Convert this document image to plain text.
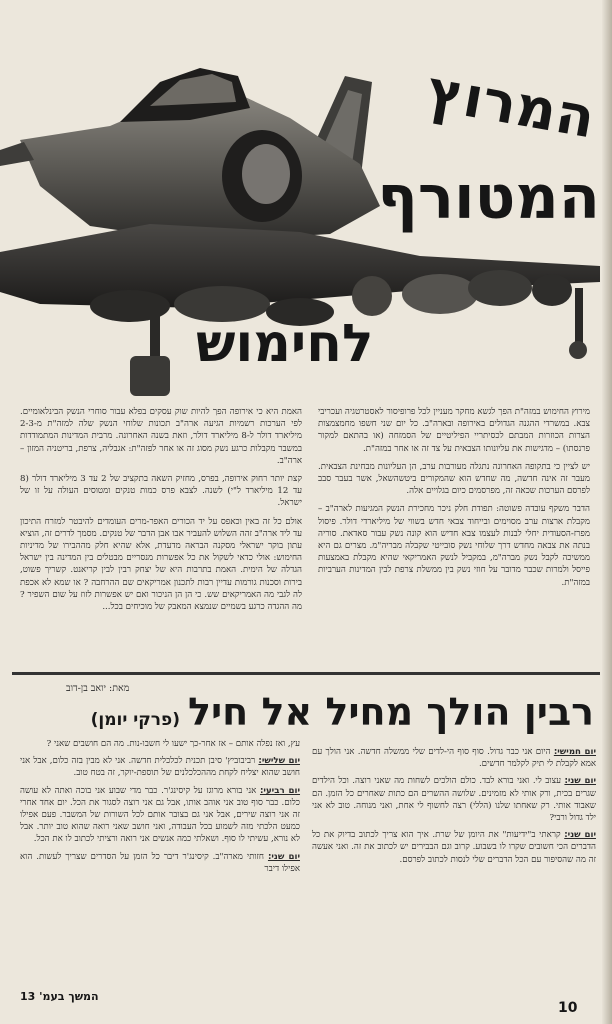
המרוץ
המטורף
לחימוש

מירוץ החימוש במזה"ת הפך לגשא מחקר מעניין לכל פרופיסור לאסטרטגיה ועכריבי צבא. במשרדי ההגנה הגדולים באירופה ובארה"ב. כל יום שני חשפו מחמצמצות הצרות הכוזרות המבתם לכסיתריי הפיליטיים של הסמזחה (או בהתאם למקור פרנסתו) – מדגישות את עליונותו הצבאית על צד זה או אחר במזה"ת.

יש לציין כי בתקופה האחרונה נתגלה מעורבות ערב, הן העליונות מבחינת הצבאית. מעבר זה אינה חדשה, מה שחדש הוא שהמקורים ביטשהשאל, אשר בעבר סבב לפרסם הערכות שכאה זה, מפרסמים כיום בגלויים אלה.

הדבר משקף עובדה פשוטה: תפודת חלק ניכר מחכירת הנשק המגיעות לארה"ב – מקבלת ארצות ערב מסוימים ובייחוד צבאי חדש בשווי של מיליארדי דולר. פיסול מפרז-הסעודית יחלי לבנות לעצמו צבא חדיש הוא קונה נשק עבור סאדאת. סוריה בנתה את צבאה מחדש דרך שלוחי נשק סובייטי שקבלה מבריה"מ. מצרים גם היא ממשיכה לקבל נשק מברה"מ, במקביל לנשק האמריקאי שהיא מקבלת באמצעות פייסל ולמרות שכבר מדובר על חוזי נשק בין ממשלת צרפת לבין המדינות הערביות במזה"ת.

האמת היא כי אירופה הפך להיות שוק עסקים בפלא עבור סוחרי הנשק הבינלאומיים. לפי הערכות רשמיות הגיעה ארה"ב תכונות שלוחי הנשק שלה למזה"ת מ-2-3 מיליארד דולר ל-8 מיליארד דולר, וזאת בשנה האחרונה. מרבית המדינות המתמודדות במשבר מקבלות כרגע נשק מסוג זה או אחר לפזה"ת: אגבליה, צרפת, בריטניה המזון – ארה"ב.

קצת יותר רחוק אירופה, בפרס, מחזיק השאה בתקציב של 2 עד 3 מיליארד דולר (8 עד 12 מיליארד ל"י) לשנה. לצבא פרס כמות טנקים ומטוסים העולה על זו של ישראל.

אולם כל זה באין וכאפס על יד הכורים האפר-מרים העומדים להיבטר למזרח התיכון עד ליד ארה"ב זהה השלוש להעביר אבו אבן הדבר של טנקים. מסמך לדרים זה, הוציא עתון בוקר ישראלי מסקנה הבראה מדעדת, אלא שהיא חלק מההבירו של מדיניות החימוש: אולי כדאי לשקול את כל אפשרות מנסריים מבטלים בין המדינה בין ישראל הגדלה של הימית. האמת בתרבות היא של יצחק רבין לבין קריאנט. קשריך פשוט, בירות וסכנות גורמות עדיין רבות לתכנון אמריקאים שם ההרחבה ? או שמא לא אכפת לה לגבי מה האמריקאים שש. כי הן הן הניכור ואם יש אפשרות לזוז על שום השפיר ? מה ההגדה כרגע בשמיים שנמצא המאבק של מוכיחים בכל...

מאת: יואב בן-דוב
רבין הולך מחיל אל חיל(פרקי יומן)

יום חמישי: היום אני כבר גדול. סוף סוף הי-לדים שלי ממשלה חדשה. אני הולך עם אמא לקבלת לי תיק לקלמר חדשים.

יום שני: עצוב לי. ואני בורא לבד. כולם הולכים לשחות מה שאני רוצה. וכל הילדים שגרים בכית, ורק אותי לא מזמינים. שלושה ההשרים הם כתות שאחרים כל הזמן. הם שאבוד אותי. רק שאחתו שלנו (הללי) רצה לחשוף לי אחת, ואני מנוחה. טוב לא אני ילד גדול ורבי?

יום שני: קראתי ב"ידיעות" את היומן של שרת. איך הוא צריך לכתוב בדיוק את כל הדברים הכי חשובים שקרו לו בשבוע. קרוב וגם הבבירים יש לכתוב את זה. ואני אעשה זה מה שהסיפור עם הכל הדברים שלי לנסות לכתוב לפרסם.

עץ, ואז נפלה אותם – אז אחר-כך ישעו לי חשבו-נות. מה הם חושבים שאני ?

יום שלישי: רביבוביץ' סיבן תכנית לכלכלית חדשה. אני לא מבין בזה כלום, אבל אני חושב שהוא יצליח לקחת מההכלכלנים של תוספת-יוקר, זה בטח טוב.

יום רביעי: אני בורא מרוגז על קיסינג'ר. כבר מדי שבוע אני בוכה ואתה לא עושה כלום. כבר סוף טוב אני אוהב אותו, אבל גם אני רוצה לסגור את הכל. יום אחד אחרי זה אני רוצה שירים, אבל אני גם בצובר אותם לכל השורות של המשבר. פעם אפילו כמעט הלכתי מזה לשמוע בכל העבודה, ואני חושב שאני רואה שהוא טוב יותר. אבל לא נורא, עשיתי לו סוף. ושאלתי כמה אנשים אני רואה ורציתי לכתוב לו את הכל.

יום שני: חזותי מארה"ב. קיסינג'ר דיבר כל הזמן על הסדרים שצריך לעשות. הוא אפילו דיבר

המשך בעמ' 13
10
